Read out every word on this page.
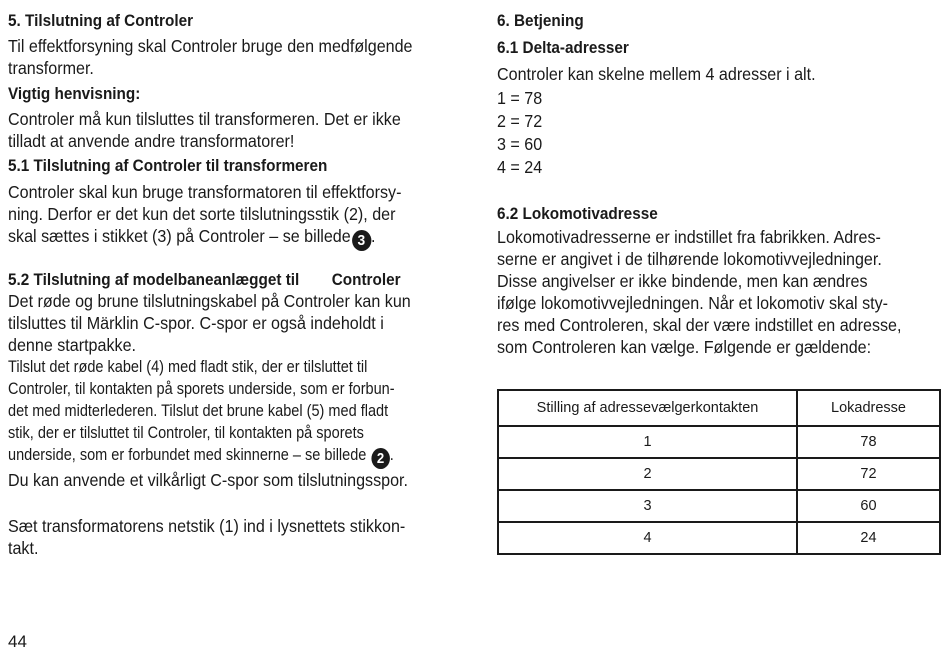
5. Tilslutning af Controler
Til effektforsyning skal Controler bruge den medfølgende
transformer.
Vigtig henvisning:
Controler må kun tilsluttes til transformeren. Det er ikke
tilladt at anvende andre transformatorer!
5.1 Tilslutning af Controler til transformeren
Controler skal kun bruge transformatoren til effektforsy-
ning. Derfor er det kun det sorte tilslutningsstik (2), der
skal sættes i stikket (3) på Controler – se billede 3 .
5.2 Tilslutning af modelbaneanlægget til Controler
Det røde og brune tilslutningskabel på Controler kan kun
tilsluttes til Märklin C-spor. C-spor er også indeholdt i
denne startpakke.
Tilslut det røde kabel (4) med fladt stik, der er tilsluttet til
Controler, til kontakten på sporets underside, som er forbun-
det med midterlederen. Tilslut det brune kabel (5) med fladt
stik, der er tilsluttet til Controler, til kontakten på sporets
underside, som er forbundet med skinnerne – se billede 2 .
Du kan anvende et vilkårligt C-spor som tilslutningsspor.
Sæt transformatorens netstik (1) ind i lysnettets stikkon-
takt.
6. Betjening
6.1 Delta-adresser
Controler kan skelne mellem 4 adresser i alt.
1 = 78
2 = 72
3 = 60
4 = 24
6.2 Lokomotivadresse
Lokomotivadresserne er indstillet fra fabrikken. Adres-
serne er angivet i de tilhørende lokomotivvejledninger.
Disse angivelser er ikke bindende, men kan ændres
ifølge lokomotivvejledningen. Når et lokomotiv skal sty-
res med Controleren, skal der være indstillet en adresse,
som Controleren kan vælge. Følgende er gældende:
Stilling af adressevælgerkontakten	Lokadresse
1	78
2	72
3	60
4	24
44
